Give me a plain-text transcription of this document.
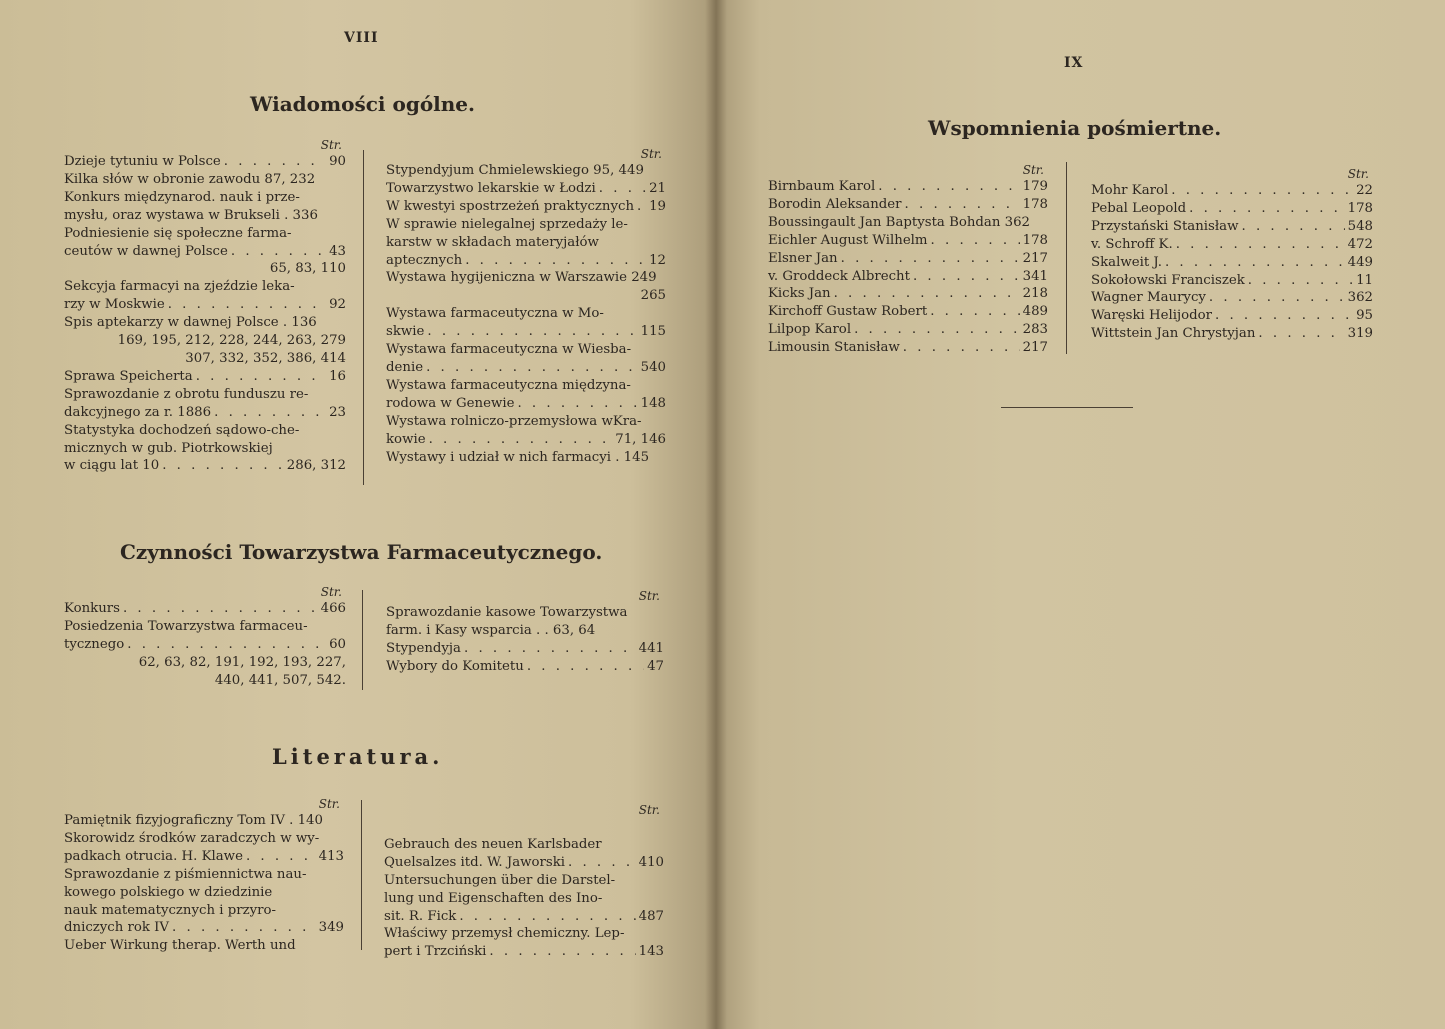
VIII
Wiadomości ogólne.
Str.
Dzieje tytuniu w Polsce . . .	90
Kilka słów w obronie zawodu 87, 232
Konkurs międzynarod. nauk i prze-
mysłu, oraz wystawa w Brukseli . 336
Podniesienie się społeczne farma-
ceutów w dawnej Polsce . . .	43
65, 83, 110
Sekcyja farmacyi na zjeździe leka-
rzy w Moskwie . . .	92
Spis aptekarzy w dawnej Polsce . 136
169, 195, 212, 228, 244, 263, 279
307, 332, 352, 386, 414
Sprawa Speicherta . . .	16
Sprawozdanie z obrotu funduszu re-
dakcyjnego za r. 1886 . . .	23
Statystyka dochodzeń sądowo-che-
micznych w gub. Piotrkowskiej
w ciągu lat 10 . . .	286, 312
Str.
Stypendyjum Chmielewskiego 95, 449
Towarzystwo lekarskie w Łodzi . . .	21
W kwestyi spostrzeżeń praktycznych . . . 19
W sprawie nielegalnej sprzedaży le-
karstw w składach materyjałów
aptecznych . . .	12
Wystawa hygijeniczna w Warszawie 249
265
Wystawa farmaceutyczna w Mo-
skwie . . .	115
Wystawa farmaceutyczna w Wiesba-
denie . . .	540
Wystawa farmaceutyczna międzyna-
rodowa w Genewie . . .	148
Wystawa rolniczo-przemysłowa wKra-
kowie . . .	71, 146
Wystawy i udział w nich farmacyi . 145
Czynności Towarzystwa Farmaceutycznego.
Str.
Konkurs . . .	466
Posiedzenia Towarzystwa farmaceu-
tycznego . . .	60
62, 63, 82, 191, 192, 193, 227,
440, 441, 507, 542.
Str.
Sprawozdanie kasowe Towarzystwa
farm. i Kasy wsparcia . . 63, 64
Stypendyja . . .	441
Wybory do Komitetu . . .	47
Literatura.
Str.
Pamiętnik fizyjograficzny Tom IV . 140
Skorowidz środków zaradczych w wy-
padkach otrucia. H. Klawe . . .	413
Sprawozdanie z piśmiennictwa nau-
kowego polskiego w dziedzinie
nauk matematycznych i przyro-
dniczych rok IV . . .	349
Ueber Wirkung therap. Werth und
Str.

Gebrauch des neuen Karlsbader
Quelsalzes itd. W. Jaworski . . .	410
Untersuchungen über die Darstel-
lung und Eigenschaften des Ino-
sit. R. Fick . . .	487
Właściwy przemysł chemiczny. Lep-
pert i Trzciński . . .	143
IX
Wspomnienia pośmiertne.
Str.
Birnbaum Karol . . .	179
Borodin Aleksander . . .	178
Boussingault Jan Baptysta Bohdan 362
Eichler August Wilhelm . . .	178
Elsner Jan . . .	217
v. Groddeck Albrecht . . .	341
Kicks Jan . . .	218
Kirchoff Gustaw Robert . . .	489
Lilpop Karol . . .	283
Limousin Stanisław . . .	217
Str.
Mohr Karol . . .	22
Pebal Leopold . . .	178
Przystański Stanisław . . .	548
v. Schroff K. . . .	472
Skalweit J. . . .	449
Sokołowski Franciszek . . .	11
Wagner Maurycy . . .	362
Waręski Helijodor . . .	95
Wittstein Jan Chrystyjan . . .	319
